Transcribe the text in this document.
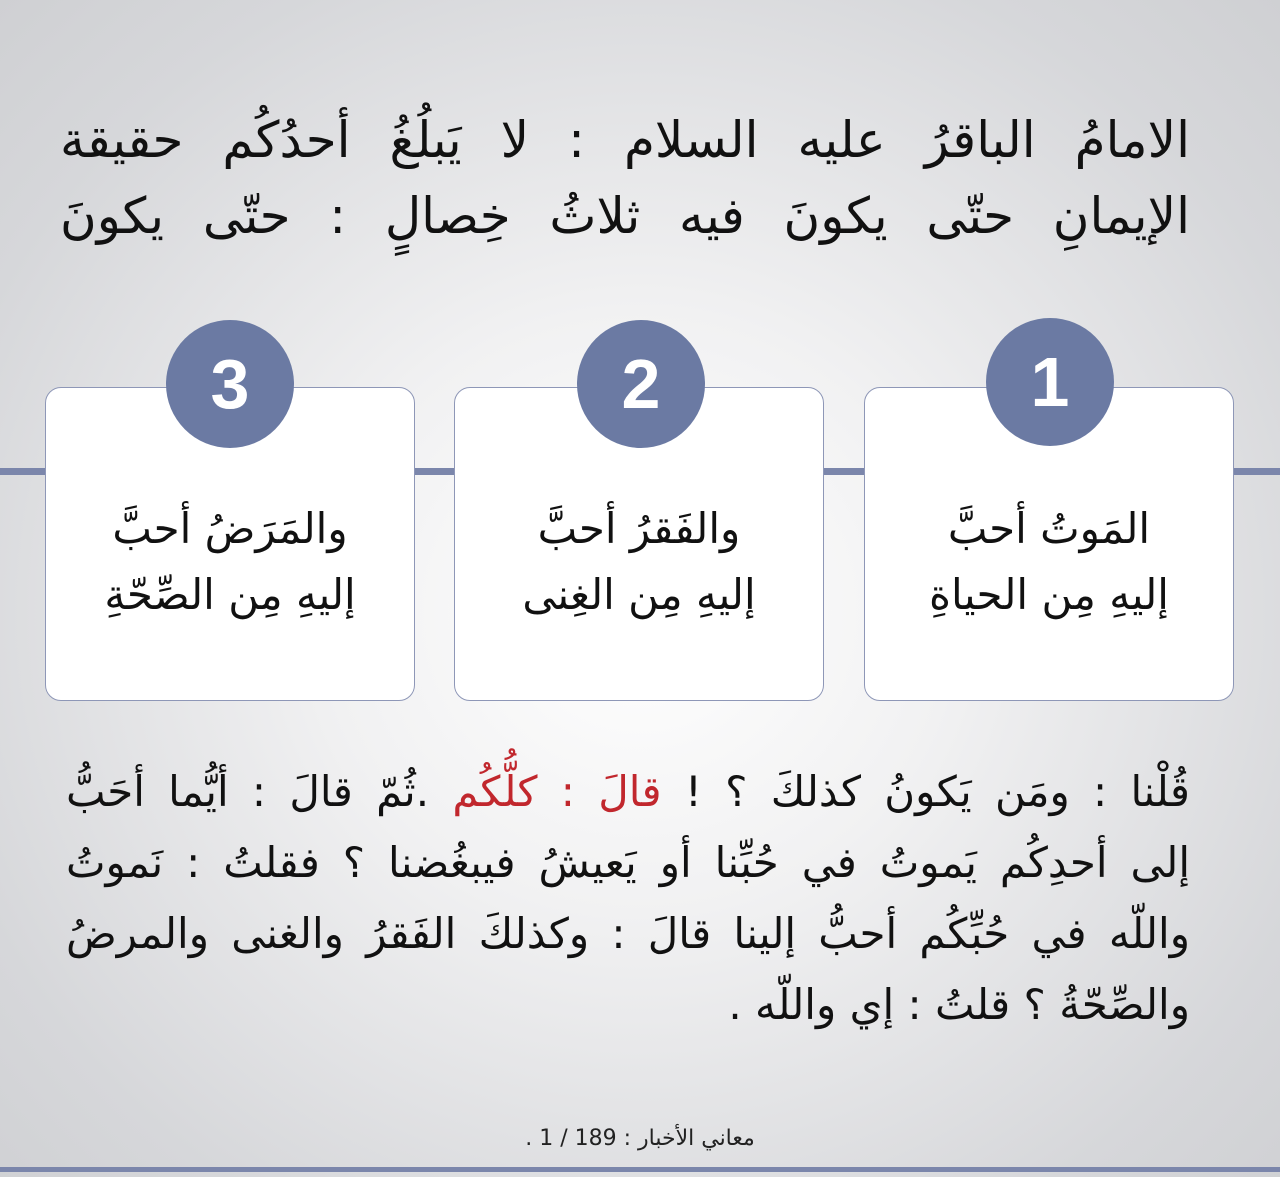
الامامُ الباقرُ عليه السلام : لا يَبلُغُ أحدُكُم حقيقة
الإيمانِ حتّى يكونَ فيه ثلاثُ خِصالٍ : حتّى يكونَ
المَوتُ أحبَّ
إليهِ مِن الحياةِ
والفَقرُ أحبَّ
إليهِ مِن الغِنى
والمَرَضُ أحبَّ
إليهِ مِن الصِّحّةِ
1
2
3
قُلْنا : ومَن يَكونُ كذلكَ ؟ ! قالَ : كلُّكُم .ثُمّ قالَ : أيُّما أحَبُّ
إلى أحدِكُم يَموتُ في حُبِّنا أو يَعيشُ فيبغُضنا ؟ فقلتُ : نَموتُ
واللّه في حُبِّكُم أحبُّ إلينا قالَ : وكذلكَ الفَقرُ والغنى والمرضُ
والصِّحّةُ ؟ قلتُ : إي واللّه .
معاني الأخبار : 189 / 1 .
